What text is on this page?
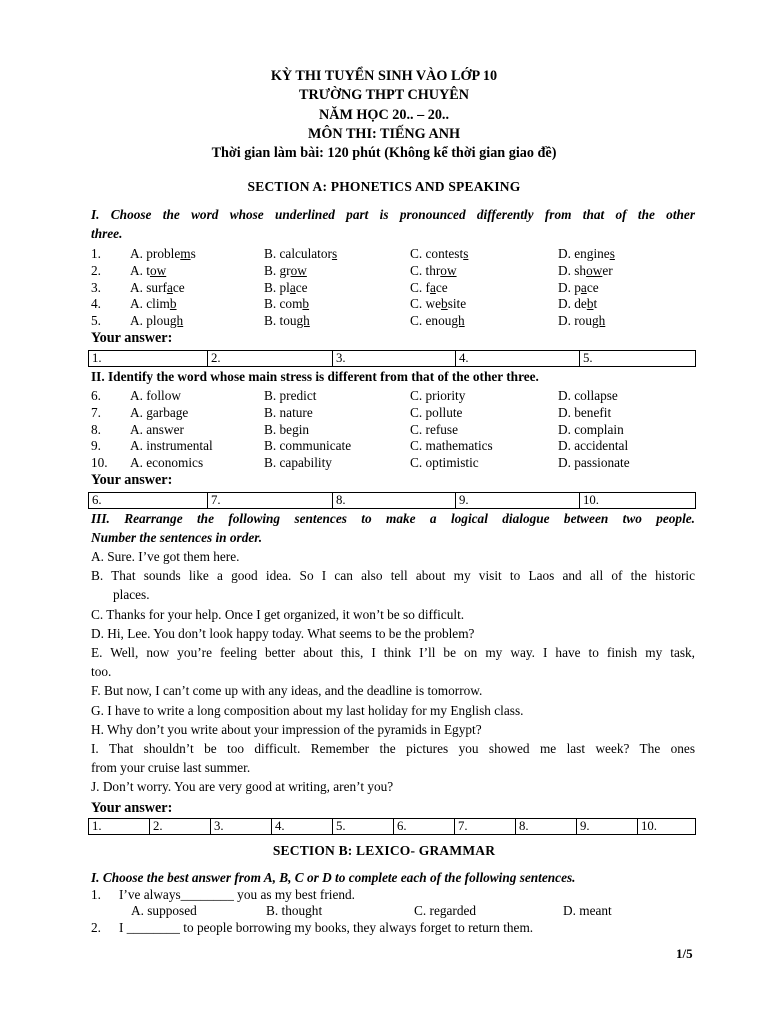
KỲ THI TUYỂN SINH VÀO LỚP 10
TRƯỜNG THPT CHUYÊN
NĂM HỌC 20.. – 20..
MÔN THI: TIẾNG ANH
Thời gian làm bài: 120 phút (Không kể thời gian giao đề)
SECTION A: PHONETICS AND SPEAKING
I. Choose the word whose underlined part is pronounced differently from that of the other
three.
1. A. problems	B. calculators	C. contests	D. engines
2. A. tow	B. grow	C. throw	D. shower
3. A. surface	B. place	C. face	D. pace
4. A. climb	B. comb	C. website	D. debt
5. A. plough	B. tough	C. enough	D. rough
Your answer:
1.	2.	3.	4.	5.
II. Identify the word whose main stress is different from that of the other three.
6. A. follow	B. predict	C. priority	D. collapse
7. A. garbage	B. nature	C. pollute	D. benefit
8. A. answer	B. begin	C. refuse	D. complain
9. A. instrumental	B. communicate	C. mathematics	D. accidental
10. A. economics	B. capability	C. optimistic	D. passionate
Your answer:
6.	7.	8.	9.	10.
III. Rearrange the following sentences to make a logical dialogue between two people.
Number the sentences in order.
A. Sure. I’ve got them here.
B. That sounds like a good idea. So I can also tell about my visit to Laos and all of the historic
places.
C. Thanks for your help. Once I get organized, it won’t be so difficult.
D. Hi, Lee. You don’t look happy today. What seems to be the problem?
E. Well, now you’re feeling better about this, I think I’ll be on my way. I have to finish my task,
too.
F. But now, I can’t come up with any ideas, and the deadline is tomorrow.
G. I have to write a long composition about my last holiday for my English class.
H. Why don’t you write about your impression of the pyramids in Egypt?
I. That shouldn’t be too difficult. Remember the pictures you showed me last week? The ones
from your cruise last summer.
J. Don’t worry. You are very good at writing, aren’t you?
Your answer:
1.	2.	3.	4.	5.	6.	7.	8.	9.	10.
SECTION B: LEXICO- GRAMMAR
I. Choose the best answer from A, B, C or D to complete each of the following sentences.
1. I’ve always________ you as my best friend.
A. supposed	B. thought	C. regarded	D. meant
2. I ________ to people borrowing my books, they always forget to return them.
1/5
